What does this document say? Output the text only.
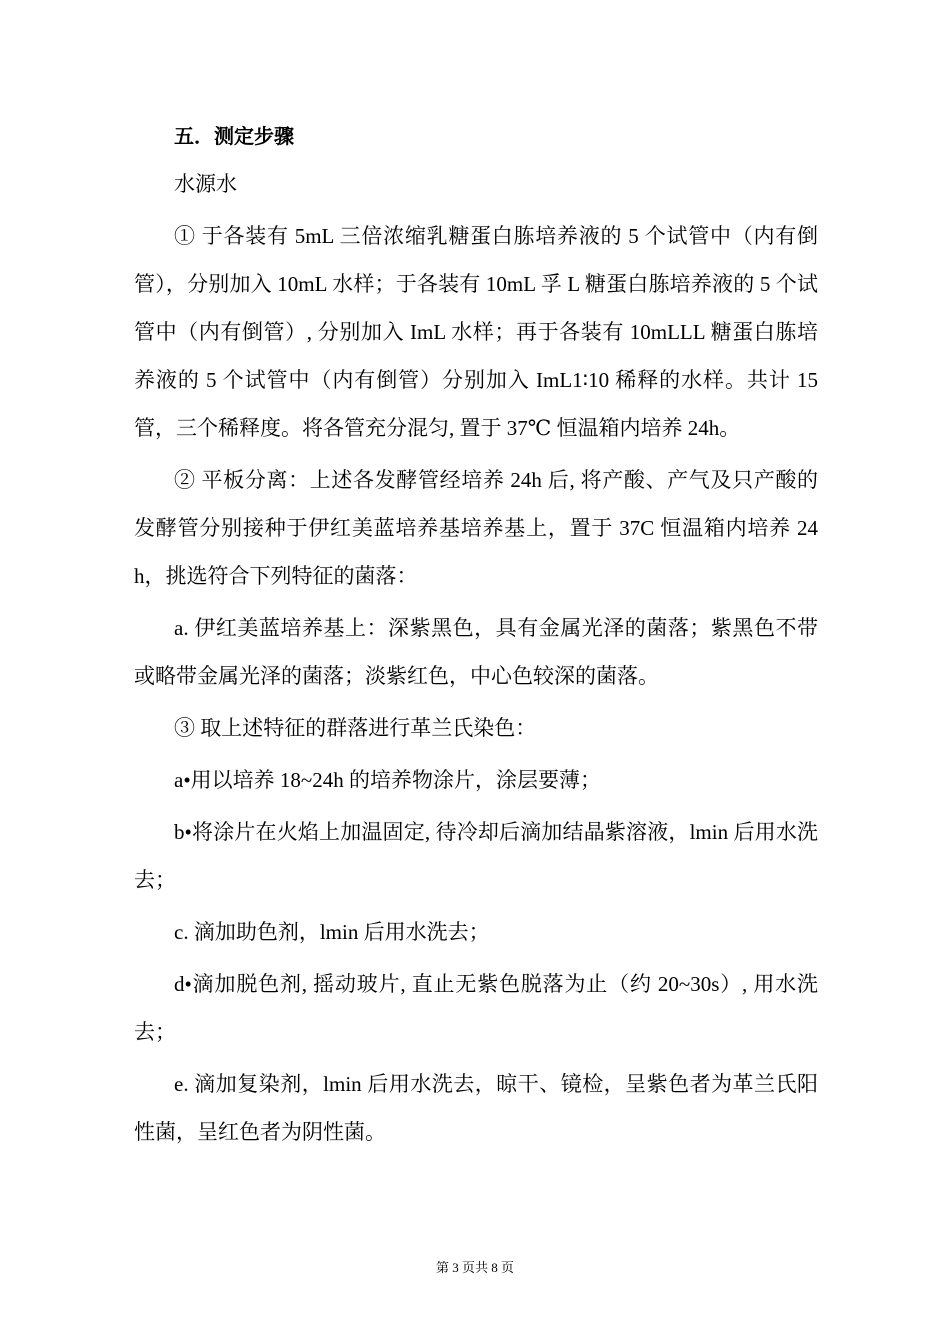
五．测定步骤
水源水

① 于各装有 5mL 三倍浓缩乳糖蛋白胨培养液的 5 个试管中（内有倒管），分别加入 10mL 水样；于各装有 10mL 孚 L 糖蛋白胨培养液的 5 个试管中（内有倒管）, 分别加入 ImL 水样；再于各装有 10mLLL 糖蛋白胨培养液的 5 个试管中（内有倒管）分别加入 ImL1∶10 稀释的水样。共计 15 管，三个稀释度。将各管充分混匀, 置于 37℃ 恒温箱内培养 24h。

② 平板分离：上述各发酵管经培养 24h 后, 将产酸、产气及只产酸的发酵管分别接种于伊红美蓝培养基培养基上，置于 37C 恒温箱内培养 24h，挑选符合下列特征的菌落：

a. 伊红美蓝培养基上：深紫黑色，具有金属光泽的菌落；紫黑色不带或略带金属光泽的菌落；淡紫红色，中心色较深的菌落。

③ 取上述特征的群落进行革兰氏染色：

a•用以培养 18~24h 的培养物涂片，涂层要薄；

b•将涂片在火焰上加温固定, 待冷却后滴加结晶紫溶液，lmin 后用水洗去；

c. 滴加助色剂，lmin 后用水洗去；

d•滴加脱色剂, 摇动玻片, 直止无紫色脱落为止（约 20~30s）, 用水洗去；

e. 滴加复染剂，lmin 后用水洗去，晾干、镜检，呈紫色者为革兰氏阳性菌，呈红色者为阴性菌。

第 3 页共 8 页
